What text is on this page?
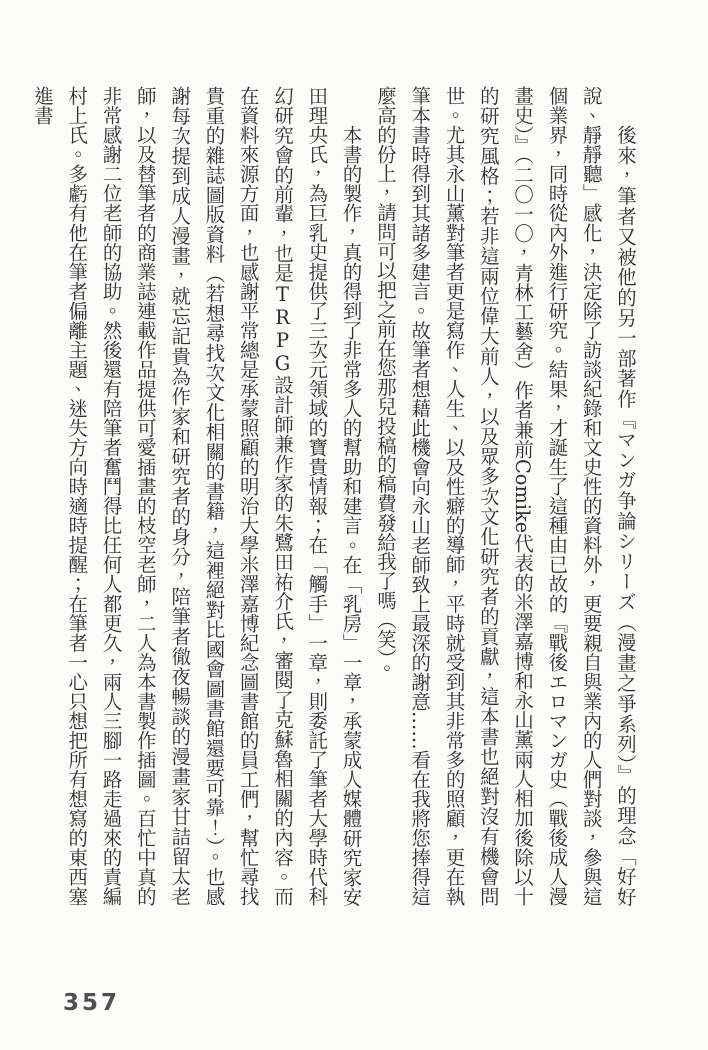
後來，筆者又被他的另一部著作『マンガ争論シリーズ（漫畫之爭系列）』的理念「好好說、靜靜聽」感化，決定除了訪談紀錄和文史性的資料外，更要親自與業內的人們對談，參與這個業界，同時從內外進行研究。結果，才誕生了這種由已故的『戰後エロマンガ史（戰後成人漫畫史）』（二〇一〇，青林工藝舍）作者兼前Comike代表的米澤嘉博和永山薰兩人相加後除以十的研究風格；若非這兩位偉大前人，以及眾多次文化研究者的貢獻，這本書也絕對沒有機會問世。尤其永山薰對筆者更是寫作、人生、以及性癖的導師，平時就受到其非常多的照顧，更在執筆本書時得到其諸多建言。故筆者想藉此機會向永山老師致上最深的謝意……看在我將您捧得這麼高的份上，請問可以把之前在您那兒投稿的稿費發給我了嗎（笑）。

本書的製作，真的得到了非常多人的幫助和建言。在「乳房」一章，承蒙成人媒體研究家安田理央氏，為巨乳史提供了三次元領域的寶貴情報；在「觸手」一章，則委託了筆者大學時代科幻研究會的前輩，也是TRPG設計師兼作家的朱鷺田祐介氏，審閱了克蘇魯相關的內容。而在資料來源方面，也感謝平常總是承蒙照顧的明治大學米澤嘉博紀念圖書館的員工們，幫忙尋找貴重的雜誌圖版資料（若想尋找次文化相關的書籍，這裡絕對比國會圖書館還要可靠！）。也感謝每次提到成人漫畫，就忘記貴為作家和研究者的身分，陪筆者徹夜暢談的漫畫家甘詰留太老師，以及替筆者的商業誌連載作品提供可愛插畫的枝空老師，二人為本書製作插圖。百忙中真的非常感謝二位老師的協助。然後還有陪筆者奮鬥得比任何人都更久，兩人三腳一路走過來的責編村上氏。多虧有他在筆者偏離主題、迷失方向時適時提醒；在筆者一心只想把所有想寫的東西塞進書

357
